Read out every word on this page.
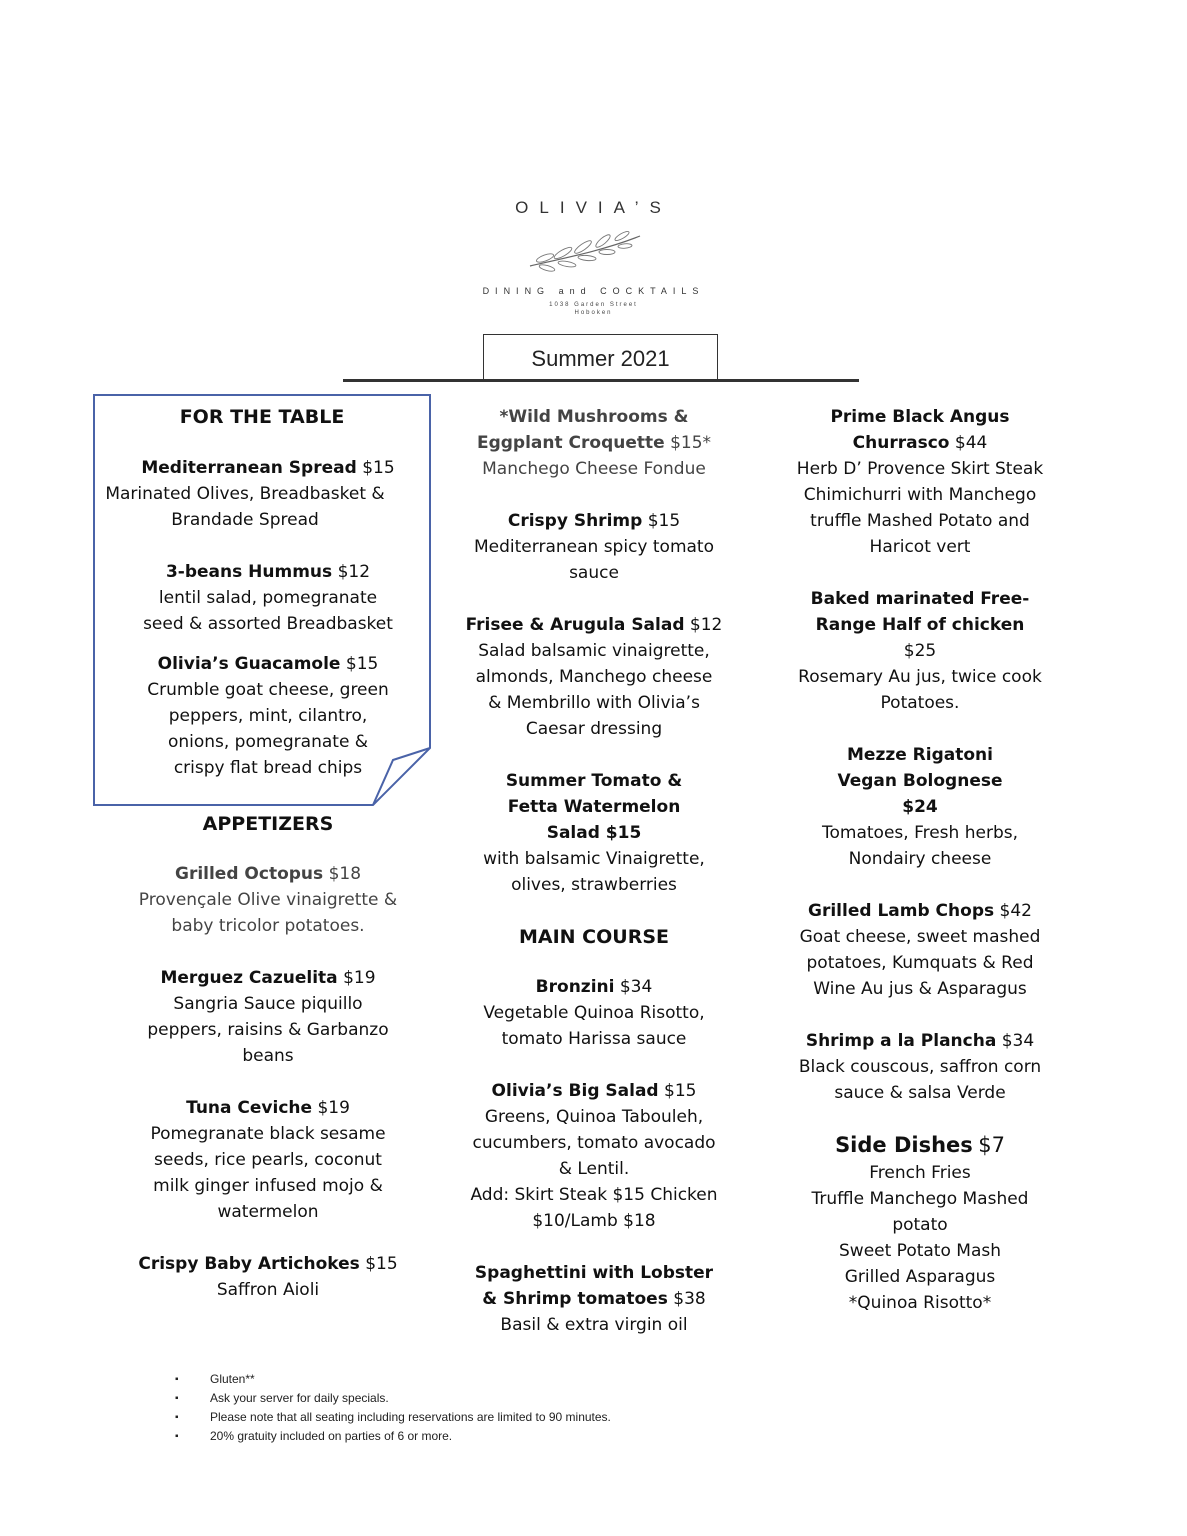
OLIVIA’S
DINING and COCKTAILS
1038 Garden Street
Hoboken
Summer 2021
FOR THE TABLE
Mediterranean Spread $15
Marinated Olives, Breadbasket & Brandade Spread
3-beans Hummus $12
lentil salad, pomegranate seed & assorted Breadbasket
Olivia’s Guacamole $15
Crumble goat cheese, green peppers, mint, cilantro, onions, pomegranate & crispy flat bread chips
APPETIZERS
Grilled Octopus $18
Provençale Olive vinaigrette & baby tricolor potatoes.
Merguez Cazuelita $19
Sangria Sauce piquillo peppers, raisins & Garbanzo beans
Tuna Ceviche $19
Pomegranate black sesame seeds, rice pearls, coconut milk ginger infused mojo & watermelon
Crispy Baby Artichokes $15
Saffron Aioli
*Wild Mushrooms & Eggplant Croquette $15*
Manchego Cheese Fondue
Crispy Shrimp $15
Mediterranean spicy tomato sauce
Frisee & Arugula Salad $12
Salad balsamic vinaigrette, almonds, Manchego cheese & Membrillo with Olivia’s Caesar dressing
Summer Tomato & Fetta Watermelon Salad $15
with balsamic Vinaigrette, olives, strawberries
MAIN COURSE
Bronzini $34
Vegetable Quinoa Risotto, tomato Harissa sauce
Olivia’s Big Salad $15
Greens, Quinoa Tabouleh, cucumbers, tomato avocado & Lentil.
Add: Skirt Steak $15 Chicken $10/Lamb $18
Spaghettini with Lobster & Shrimp tomatoes $38
Basil & extra virgin oil
Prime Black Angus Churrasco $44
Herb D’ Provence Skirt Steak Chimichurri with Manchego truffle Mashed Potato and Haricot vert
Baked marinated Free-Range Half of chicken $25
Rosemary Au jus, twice cook Potatoes.
Mezze Rigatoni Vegan Bolognese $24
Tomatoes, Fresh herbs, Nondairy cheese
Grilled Lamb Chops $42
Goat cheese, sweet mashed potatoes, Kumquats & Red Wine Au jus & Asparagus
Shrimp a la Plancha $34
Black couscous, saffron corn sauce & salsa Verde
Side Dishes $7
French Fries
Truffle Manchego Mashed potato
Sweet Potato Mash
Grilled Asparagus
*Quinoa Risotto*
▪ Gluten**
▪ Ask your server for daily specials.
▪ Please note that all seating including reservations are limited to 90 minutes.
▪ 20% gratuity included on parties of 6 or more.
